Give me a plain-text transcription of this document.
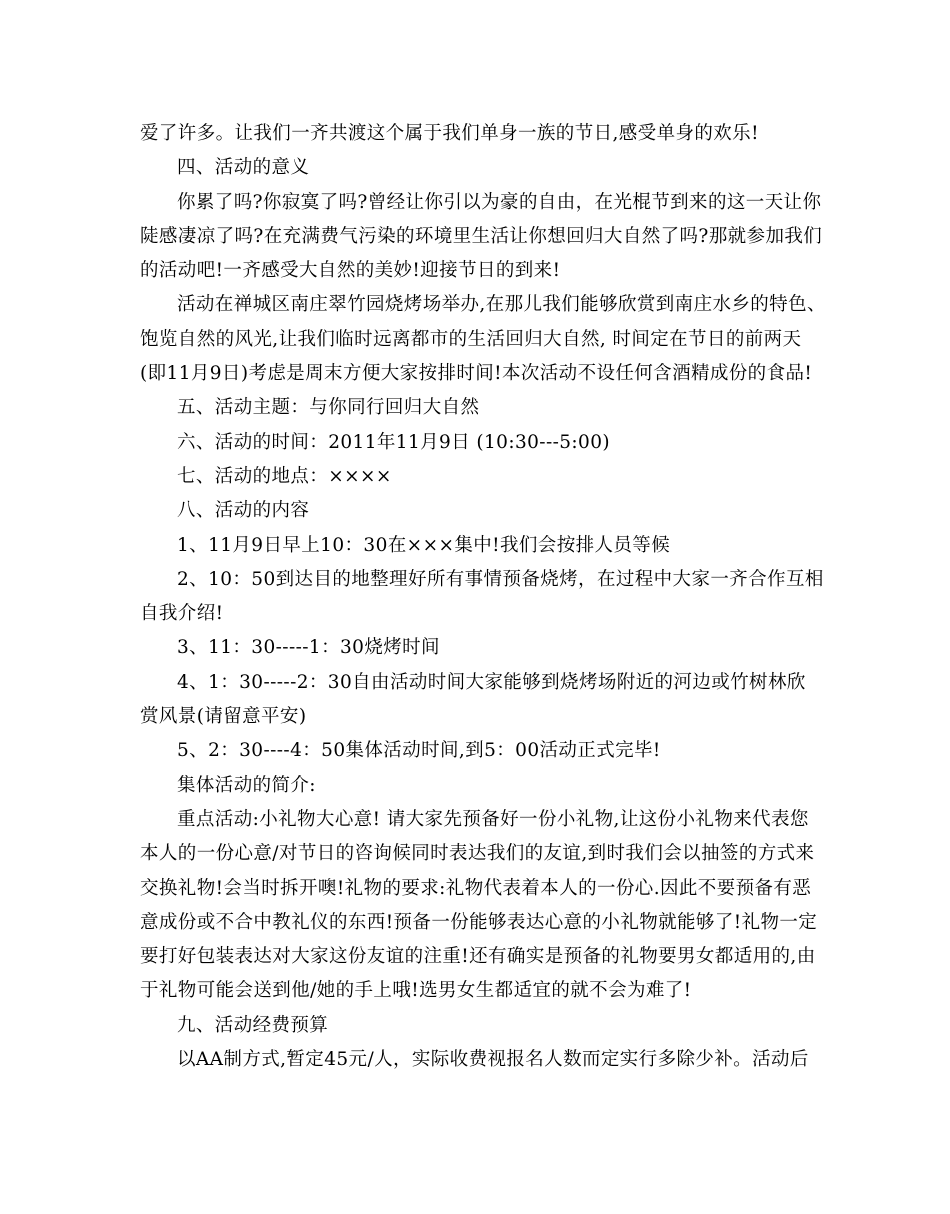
爱了许多。让我们一齐共渡这个属于我们单身一族的节日,感受单身的欢乐!

四、活动的意义

你累了吗?你寂寞了吗?曾经让你引以为豪的自由，在光棍节到来的这一天让你

陡感凄凉了吗?在充满费气污染的环境里生活让你想回归大自然了吗?那就参加我们

的活动吧!一齐感受大自然的美妙!迎接节日的到来!

活动在禅城区南庄翠竹园烧烤场举办,在那儿我们能够欣赏到南庄水乡的特色、

饱览自然的风光,让我们临时远离都市的生活回归大自然, 时间定在节日的前两天

(即11月9日)考虑是周末方便大家按排时间!本次活动不设任何含酒精成份的食品!

五、活动主题：与你同行回归大自然

六、活动的时间：2011年11月9日 (10:30---5:00)

七、活动的地点：××××

八、活动的内容

1、11月9日早上10：30在×××集中!我们会按排人员等候

2、10：50到达目的地整理好所有事情预备烧烤，在过程中大家一齐合作互相

自我介绍!

3、11：30-----1：30烧烤时间

4、1：30-----2：30自由活动时间大家能够到烧烤场附近的河边或竹树林欣

赏风景(请留意平安)

5、2：30----4：50集体活动时间,到5：00活动正式完毕!

集体活动的简介:

重点活动:小礼物大心意! 请大家先预备好一份小礼物,让这份小礼物来代表您

本人的一份心意/对节日的咨询候同时表达我们的友谊,到时我们会以抽签的方式来

交换礼物!会当时拆开噢!礼物的要求:礼物代表着本人的一份心.因此不要预备有恶

意成份或不合中教礼仪的东西!预备一份能够表达心意的小礼物就能够了!礼物一定

要打好包装表达对大家这份友谊的注重!还有确实是预备的礼物要男女都适用的,由

于礼物可能会送到他/她的手上哦!选男女生都适宜的就不会为难了!

九、活动经费预算

以AA制方式,暂定45元/人，实际收费视报名人数而定实行多除少补。活动后
